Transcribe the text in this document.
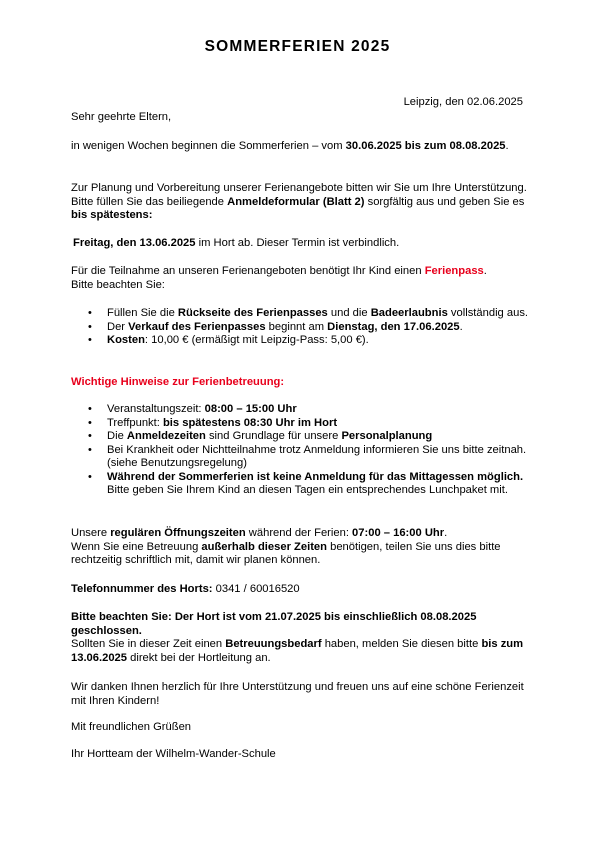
SOMMERFERIEN 2025
Leipzig, den 02.06.2025
Sehr geehrte Eltern,
in wenigen Wochen beginnen die Sommerferien – vom 30.06.2025 bis zum 08.08.2025.
Zur Planung und Vorbereitung unserer Ferienangebote bitten wir Sie um Ihre Unterstützung. Bitte füllen Sie das beiliegende Anmeldeformular (Blatt 2) sorgfältig aus und geben Sie es bis spätestens:
Freitag, den 13.06.2025 im Hort ab. Dieser Termin ist verbindlich.
Für die Teilnahme an unseren Ferienangeboten benötigt Ihr Kind einen Ferienpass.
Bitte beachten Sie:
• Füllen Sie die Rückseite des Ferienpasses und die Badeerlaubnis vollständig aus.
• Der Verkauf des Ferienpasses beginnt am Dienstag, den 17.06.2025.
• Kosten: 10,00 € (ermäßigt mit Leipzig-Pass: 5,00 €).
Wichtige Hinweise zur Ferienbetreuung:
• Veranstaltungszeit: 08:00 – 15:00 Uhr
• Treffpunkt: bis spätestens 08:30 Uhr im Hort
• Die Anmeldezeiten sind Grundlage für unsere Personalplanung
• Bei Krankheit oder Nichtteilnahme trotz Anmeldung informieren Sie uns bitte zeitnah. (siehe Benutzungsregelung)
• Während der Sommerferien ist keine Anmeldung für das Mittagessen möglich. Bitte geben Sie Ihrem Kind an diesen Tagen ein entsprechendes Lunchpaket mit.
Unsere regulären Öffnungszeiten während der Ferien: 07:00 – 16:00 Uhr.
Wenn Sie eine Betreuung außerhalb dieser Zeiten benötigen, teilen Sie uns dies bitte rechtzeitig schriftlich mit, damit wir planen können.
Telefonnummer des Horts: 0341 / 60016520
Bitte beachten Sie: Der Hort ist vom 21.07.2025 bis einschließlich 08.08.2025 geschlossen.
Sollten Sie in dieser Zeit einen Betreuungsbedarf haben, melden Sie diesen bitte bis zum 13.06.2025 direkt bei der Hortleitung an.
Wir danken Ihnen herzlich für Ihre Unterstützung und freuen uns auf eine schöne Ferienzeit mit Ihren Kindern!
Mit freundlichen Grüßen
Ihr Hortteam der Wilhelm-Wander-Schule
